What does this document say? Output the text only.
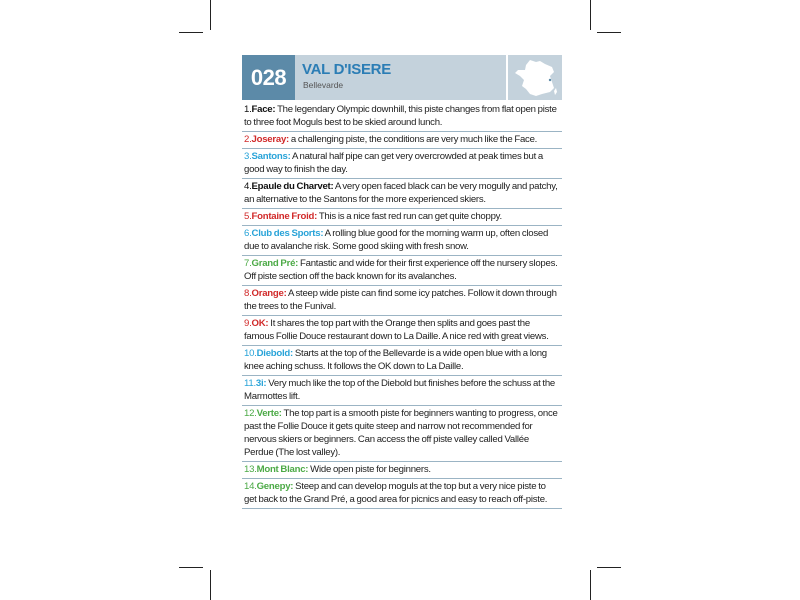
028	VAL D'ISERE
Bellevarde
1.Face: The legendary Olympic downhill, this piste changes from flat open piste to three foot Moguls best to be skied around lunch.
2.Joseray: a challenging piste, the conditions are very much like the Face.
3.Santons: A natural half pipe can get very overcrowded at peak times but a good way to finish the day.
4.Epaule du Charvet: A very open faced black can be very mogully and patchy, an alternative to the Santons for the more experienced skiers.
5.Fontaine Froid: This is a nice fast red run can get quite choppy.
6.Club des Sports: A rolling blue good for the morning warm up, often closed due to avalanche risk. Some good skiing with fresh snow.
7.Grand Pré: Fantastic and wide for their first experience off the nursery slopes. Off piste section off the back known for its avalanches.
8.Orange: A steep wide piste can find some icy patches. Follow it down through the trees to the Funival.
9.OK: It shares the top part with the Orange then splits and goes past the famous Follie Douce restaurant down to La Daille. A nice red with great views.
10.Diebold: Starts at the top of the Bellevarde is a wide open blue with a long knee aching schuss. It follows the OK down to La Daille.
11.3i: Very much like the top of the Diebold but finishes before the schuss at the Marmottes lift.
12.Verte: The top part is a smooth piste for beginners wanting to progress, once past the Follie Douce it gets quite steep and narrow not recommended for nervous skiers or beginners. Can access the off piste valley called Vallée Perdue (The lost valley).
13.Mont Blanc: Wide open piste for beginners.
14.Genepy: Steep and can develop moguls at the top but a very nice piste to get back to the Grand Pré, a good area for picnics and easy to reach off-piste.
